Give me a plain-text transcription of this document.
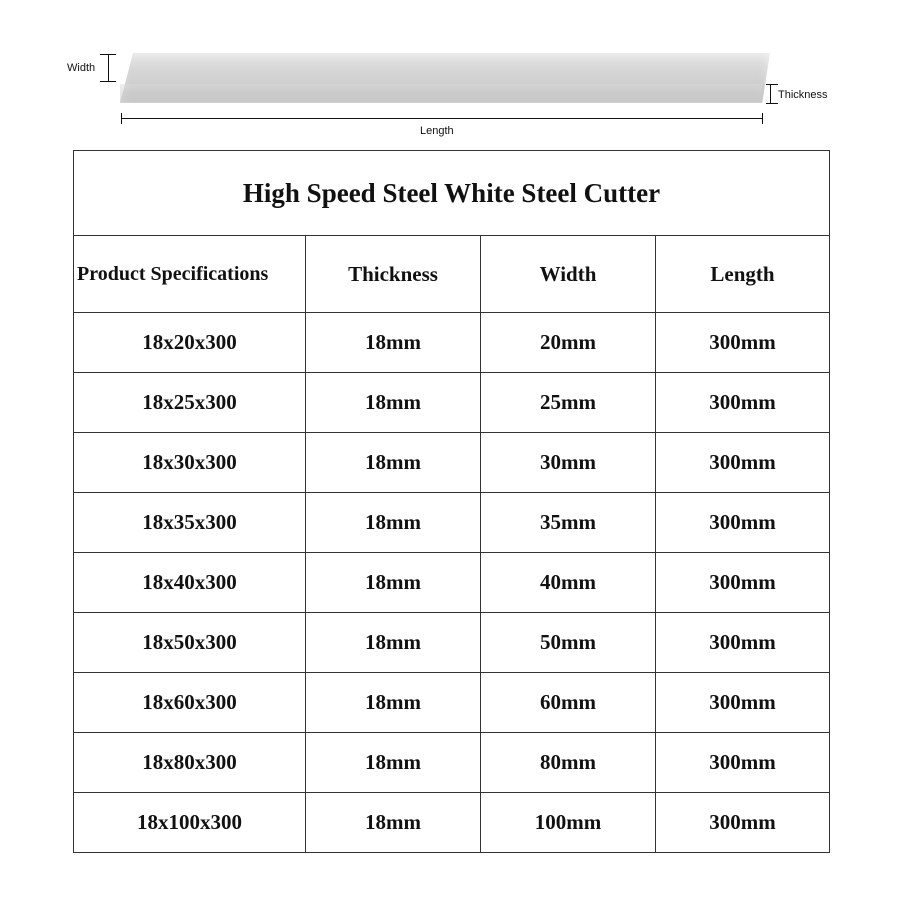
Width
Thickness
Length
High Speed Steel White Steel Cutter			
Product Specifications	Thickness	Width	Length
18x20x300	18mm	20mm	300mm
18x25x300	18mm	25mm	300mm
18x30x300	18mm	30mm	300mm
18x35x300	18mm	35mm	300mm
18x40x300	18mm	40mm	300mm
18x50x300	18mm	50mm	300mm
18x60x300	18mm	60mm	300mm
18x80x300	18mm	80mm	300mm
18x100x300	18mm	100mm	300mm
